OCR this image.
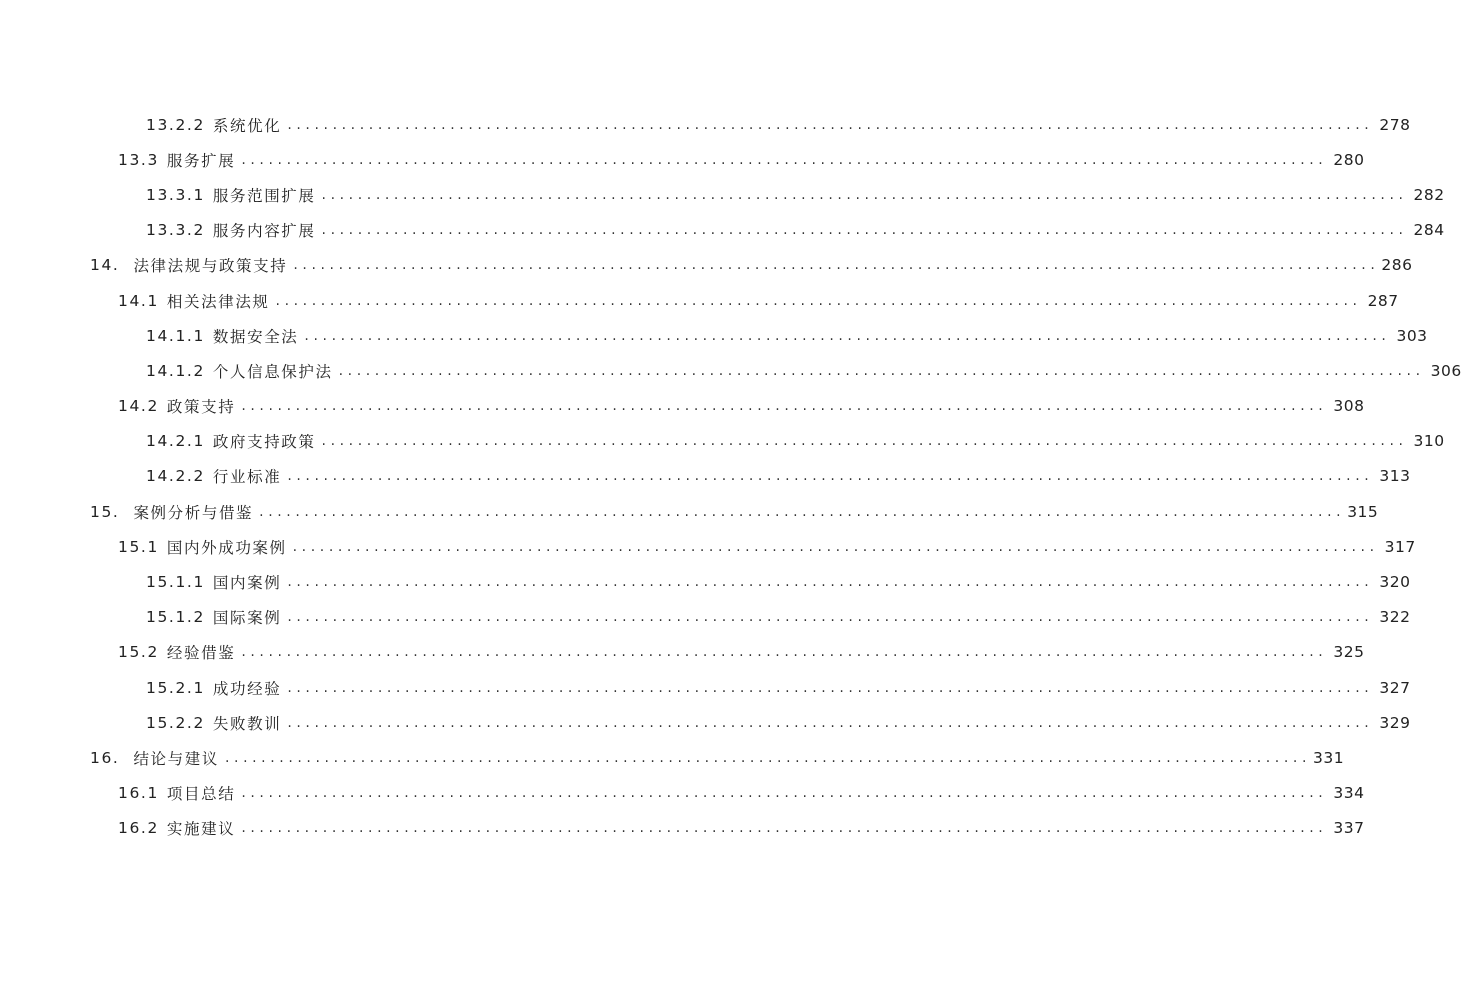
13.2.2 系统优化 ........................................................................................................................ 278
13.3 服务扩展 ........................................................................................................................ 280
13.3.1 服务范围扩展 ........................................................................................................................ 282
13.3.2 服务内容扩展 ........................................................................................................................ 284
14. 法律法规与政策支持 ........................................................................................................................ 286
14.1 相关法律法规 ........................................................................................................................ 287
14.1.1 数据安全法 ........................................................................................................................ 303
14.1.2 个人信息保护法 ........................................................................................................................ 306
14.2 政策支持 ........................................................................................................................ 308
14.2.1 政府支持政策 ........................................................................................................................ 310
14.2.2 行业标准 ........................................................................................................................ 313
15. 案例分析与借鉴 ........................................................................................................................ 315
15.1 国内外成功案例 ........................................................................................................................ 317
15.1.1 国内案例 ........................................................................................................................ 320
15.1.2 国际案例 ........................................................................................................................ 322
15.2 经验借鉴 ........................................................................................................................ 325
15.2.1 成功经验 ........................................................................................................................ 327
15.2.2 失败教训 ........................................................................................................................ 329
16. 结论与建议 ........................................................................................................................ 331
16.1 项目总结 ........................................................................................................................ 334
16.2 实施建议 ........................................................................................................................ 337
